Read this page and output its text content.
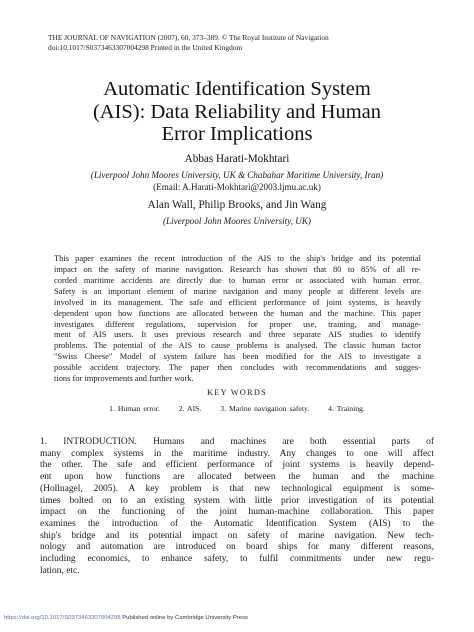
THE JOURNAL OF NAVIGATION (2007), 60, 373–389. © The Royal Institute of Navigation

doi:10.1017/S0373463307004298 Printed in the United Kingdom
Automatic Identification System
(AIS): Data Reliability and Human
Error Implications
Abbas Harati-Mokhtari
(Liverpool John Moores University, UK & Chabahar Maritime University, Iran)
(Email: A.Harati-Mokhtari@2003.ljmu.ac.uk)
Alan Wall, Philip Brooks, and Jin Wang
(Liverpool John Moores University, UK)
This paper examines the recent introduction of the AIS to the ship's bridge and its potential
impact on the safety of marine navigation. Research has shown that 80 to 85% of all re-
corded maritime accidents are directly due to human error or associated with human error.
Safety is an important element of marine navigation and many people at different levels are
involved in its management. The safe and efficient performance of joint systems, is heavily
dependent upon how functions are allocated between the human and the machine. This paper
investigates different regulations, supervision for proper use, training, and manage-
ment of AIS users. It uses previous research and three separate AIS studies to identify
problems. The potential of the AIS to cause problems is analysed. The classic human factor
"Swiss Cheese" Model of system failure has been modified for the AIS to investigate a
possible accident trajectory. The paper then concludes with recommendations and sugges-
tions for improvements and further work.
KEY WORDS
1. Human error. 2. AIS. 3. Marine navigation safety. 4. Training.
1. INTRODUCTION. Humans and machines are both essential parts of
many complex systems in the maritime industry. Any changes to one will affect
the other. The safe and efficient performance of joint systems is heavily depend-
ent upon how functions are allocated between the human and the machine
(Hollnagel, 2005). A key problem is that new technological equipment is some-
times bolted on to an existing system with little prior investigation of its potential
impact on the functioning of the joint human-machine collaboration. This paper
examines the introduction of the Automatic Identification System (AIS) to the
ship's bridge and its potential impact on safety of marine navigation. New tech-
nology and automation are introduced on board ships for many different reasons,
including economics, to enhance safety, to fulfil commitments under new regu-
lation, etc.
https://doi.org/10.1017/S0373463307004298 Published online by Cambridge University Press
